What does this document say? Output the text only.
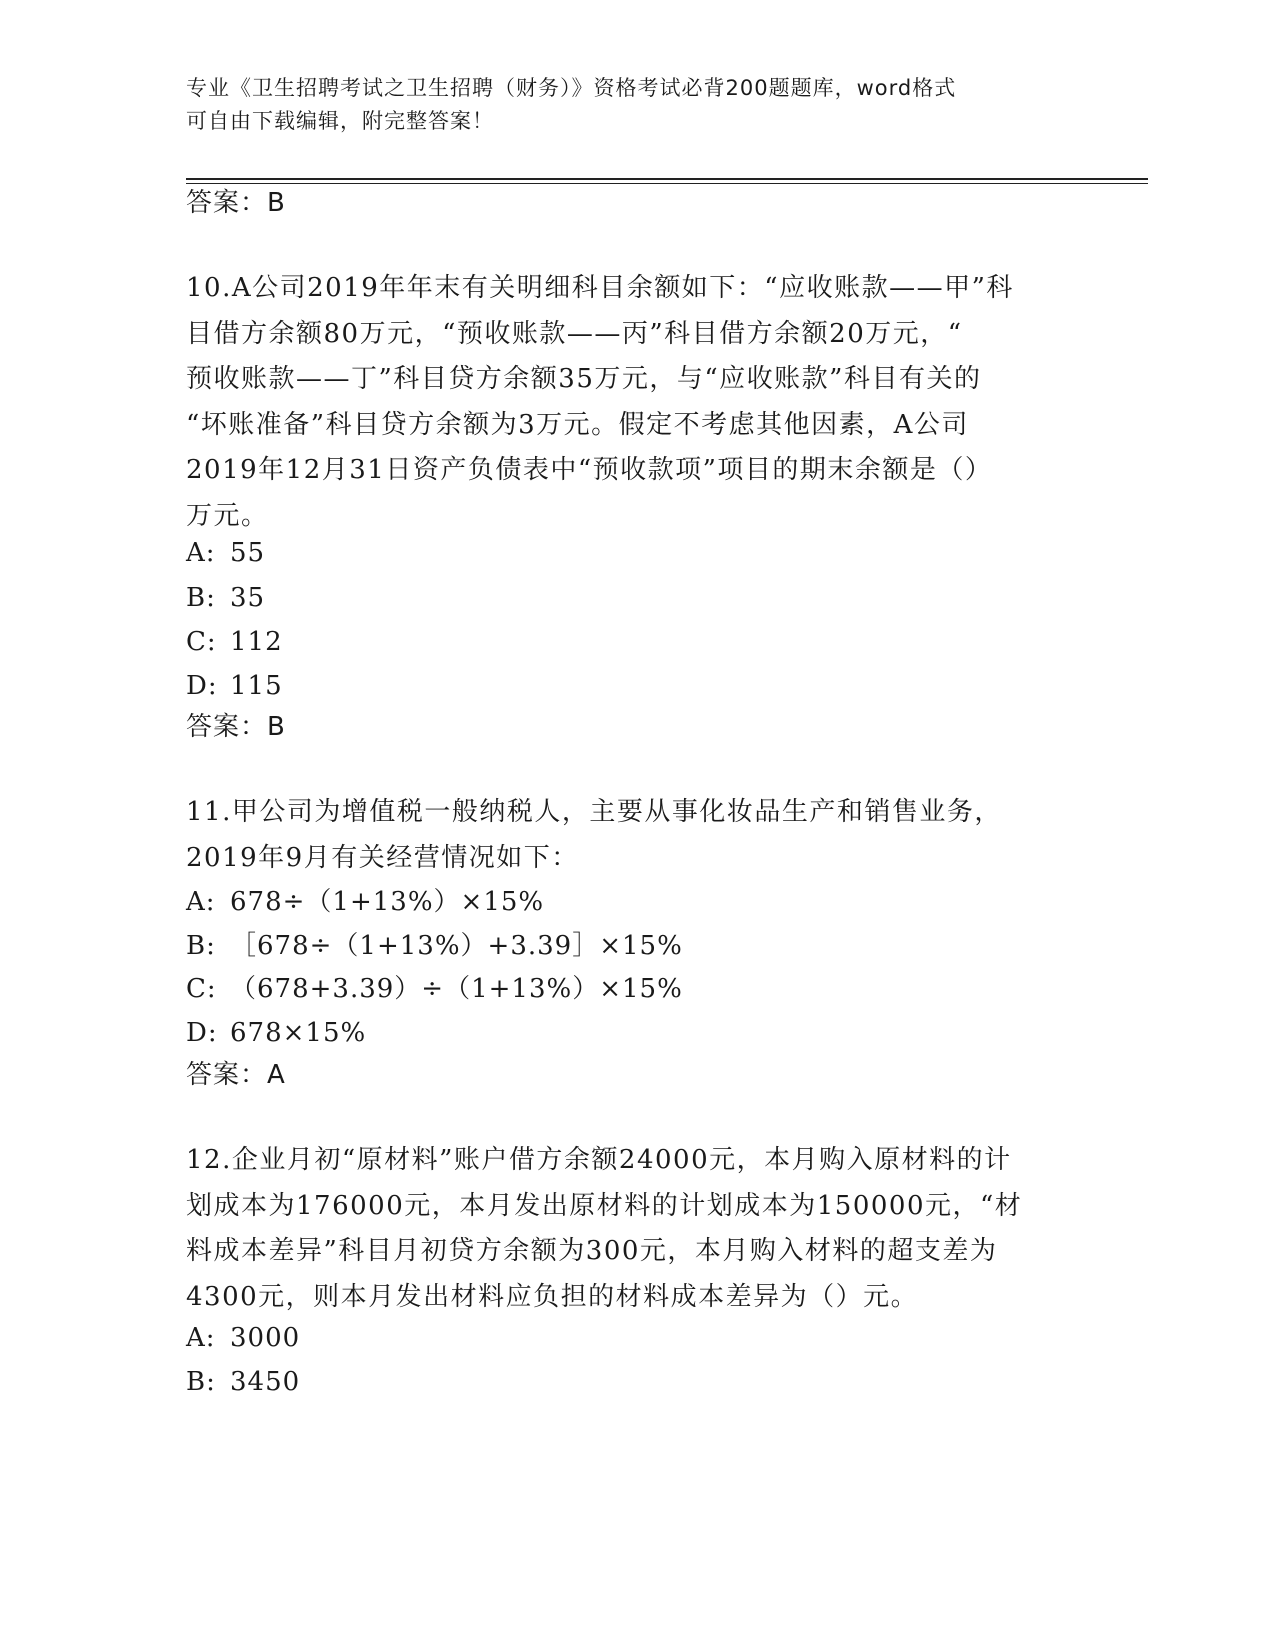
专业《卫生招聘考试之卫生招聘（财务）》资格考试必背200题题库，word格式
可自由下载编辑，附完整答案！
答案：B
10.A公司2019年年末有关明细科目余额如下：“应收账款——甲”科
目借方余额80万元，“预收账款——丙”科目借方余额20万元，“
预收账款——丁”科目贷方余额35万元，与“应收账款”科目有关的
“坏账准备”科目贷方余额为3万元。假定不考虑其他因素，A公司
2019年12月31日资产负债表中“预收款项”项目的期末余额是（）
万元。
A: 55
B: 35
C: 112
D: 115
答案：B
11.甲公司为增值税一般纳税人，主要从事化妆品生产和销售业务，
2019年9月有关经营情况如下：
A: 678÷（1+13%）×15%
B: ［678÷（1+13%）+3.39］×15%
C: （678+3.39）÷（1+13%）×15%
D: 678×15%
答案：A
12.企业月初“原材料”账户借方余额24000元，本月购入原材料的计
划成本为176000元，本月发出原材料的计划成本为150000元，“材
料成本差异”科目月初贷方余额为300元，本月购入材料的超支差为
4300元，则本月发出材料应负担的材料成本差异为（）元。
A: 3000
B: 3450
